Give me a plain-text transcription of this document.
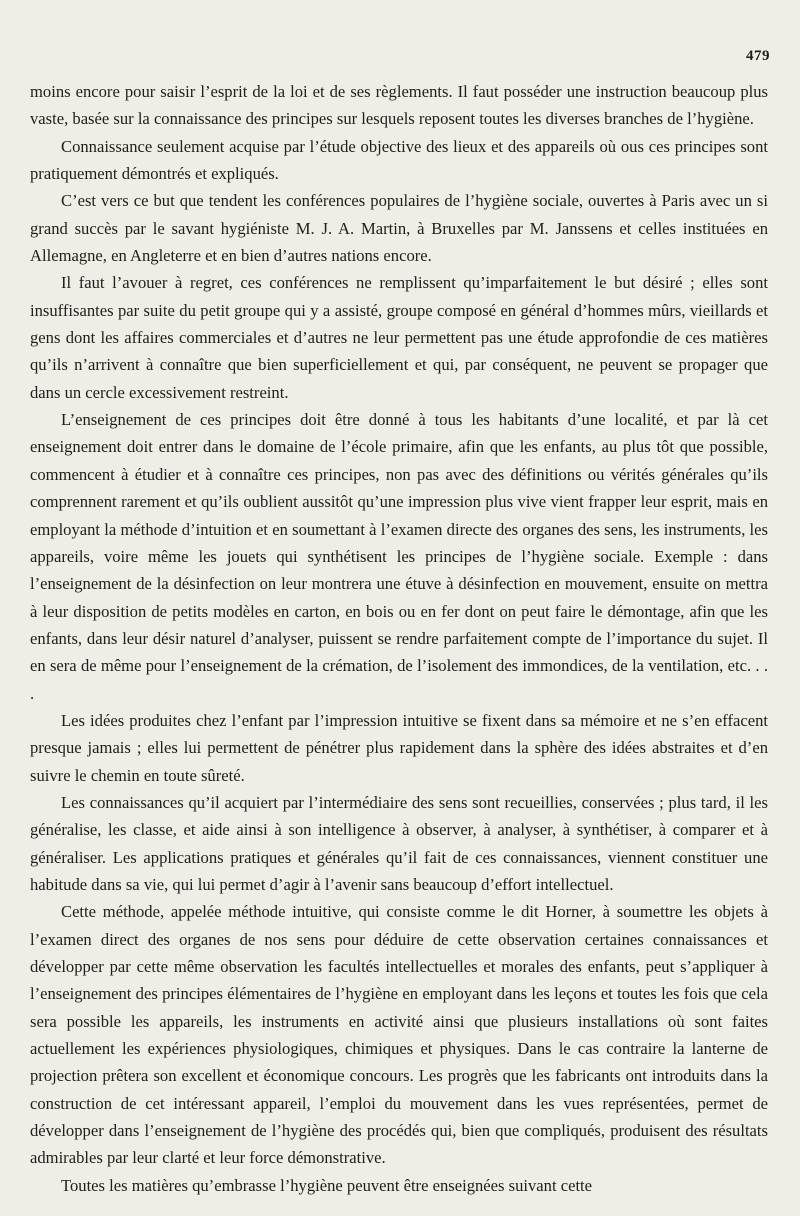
479

moins encore pour saisir l’esprit de la loi et de ses règlements. Il faut posséder une instruction beaucoup plus vaste, basée sur la connaissance des principes sur lesquels reposent toutes les diverses branches de l’hygiène.

Connaissance seulement acquise par l’étude objective des lieux et des appareils où ous ces principes sont pratiquement démontrés et expliqués.

C’est vers ce but que tendent les conférences populaires de l’hygiène sociale, ouvertes à Paris avec un si grand succès par le savant hygiéniste M. J. A. Martin, à Bruxelles par M. Janssens et celles instituées en Allemagne, en Angleterre et en bien d’autres nations encore.

Il faut l’avouer à regret, ces conférences ne remplissent qu’imparfaitement le but désiré ; elles sont insuffisantes par suite du petit groupe qui y a assisté, groupe composé en général d’hommes mûrs, vieillards et gens dont les affaires commerciales et d’autres ne leur permettent pas une étude approfondie de ces matières qu’ils n’arrivent à connaître que bien superficiellement et qui, par conséquent, ne peuvent se propager que dans un cercle excessivement restreint.

L’enseignement de ces principes doit être donné à tous les habitants d’une localité, et par là cet enseignement doit entrer dans le domaine de l’école primaire, afin que les enfants, au plus tôt que possible, commencent à étudier et à connaître ces principes, non pas avec des définitions ou vérités générales qu’ils comprennent rarement et qu’ils oublient aussitôt qu’une impression plus vive vient frapper leur esprit, mais en employant la méthode d’intuition et en soumettant à l’examen directe des organes des sens, les instruments, les appareils, voire même les jouets qui synthétisent les principes de l’hygiène sociale. Exemple : dans l’enseignement de la désinfection on leur montrera une étuve à désinfection en mouvement, ensuite on mettra à leur disposition de petits modèles en carton, en bois ou en fer dont on peut faire le démontage, afin que les enfants, dans leur désir naturel d’analyser, puissent se rendre parfaitement compte de l’importance du sujet. Il en sera de même pour l’enseignement de la crémation, de l’isolement des immondices, de la ventilation, etc. . . .

Les idées produites chez l’enfant par l’impression intuitive se fixent dans sa mémoire et ne s’en effacent presque jamais ; elles lui permettent de pénétrer plus rapidement dans la sphère des idées abstraites et d’en suivre le chemin en toute sûreté.

Les connaissances qu’il acquiert par l’intermédiaire des sens sont recueillies, conservées ; plus tard, il les généralise, les classe, et aide ainsi à son intelligence à observer, à analyser, à synthétiser, à comparer et à généraliser. Les applications pratiques et générales qu’il fait de ces connaissances, viennent constituer une habitude dans sa vie, qui lui permet d’agir à l’avenir sans beaucoup d’effort intellectuel.

Cette méthode, appelée méthode intuitive, qui consiste comme le dit Horner, à soumettre les objets à l’examen direct des organes de nos sens pour déduire de cette observation certaines connaissances et développer par cette même observation les facultés intellectuelles et morales des enfants, peut s’appliquer à l’enseignement des principes élémentaires de l’hygiène en employant dans les leçons et toutes les fois que cela sera possible les appareils, les instruments en activité ainsi que plusieurs installations où sont faites actuellement les expériences physiologiques, chimiques et physiques. Dans le cas contraire la lanterne de projection prêtera son excellent et économique concours. Les progrès que les fabricants ont introduits dans la construction de cet intéressant appareil, l’emploi du mouvement dans les vues représentées, permet de développer dans l’enseignement de l’hygiène des procédés qui, bien que compliqués, produisent des résultats admirables par leur clarté et leur force démonstrative.

Toutes les matières qu’embrasse l’hygiène peuvent être enseignées suivant cette
